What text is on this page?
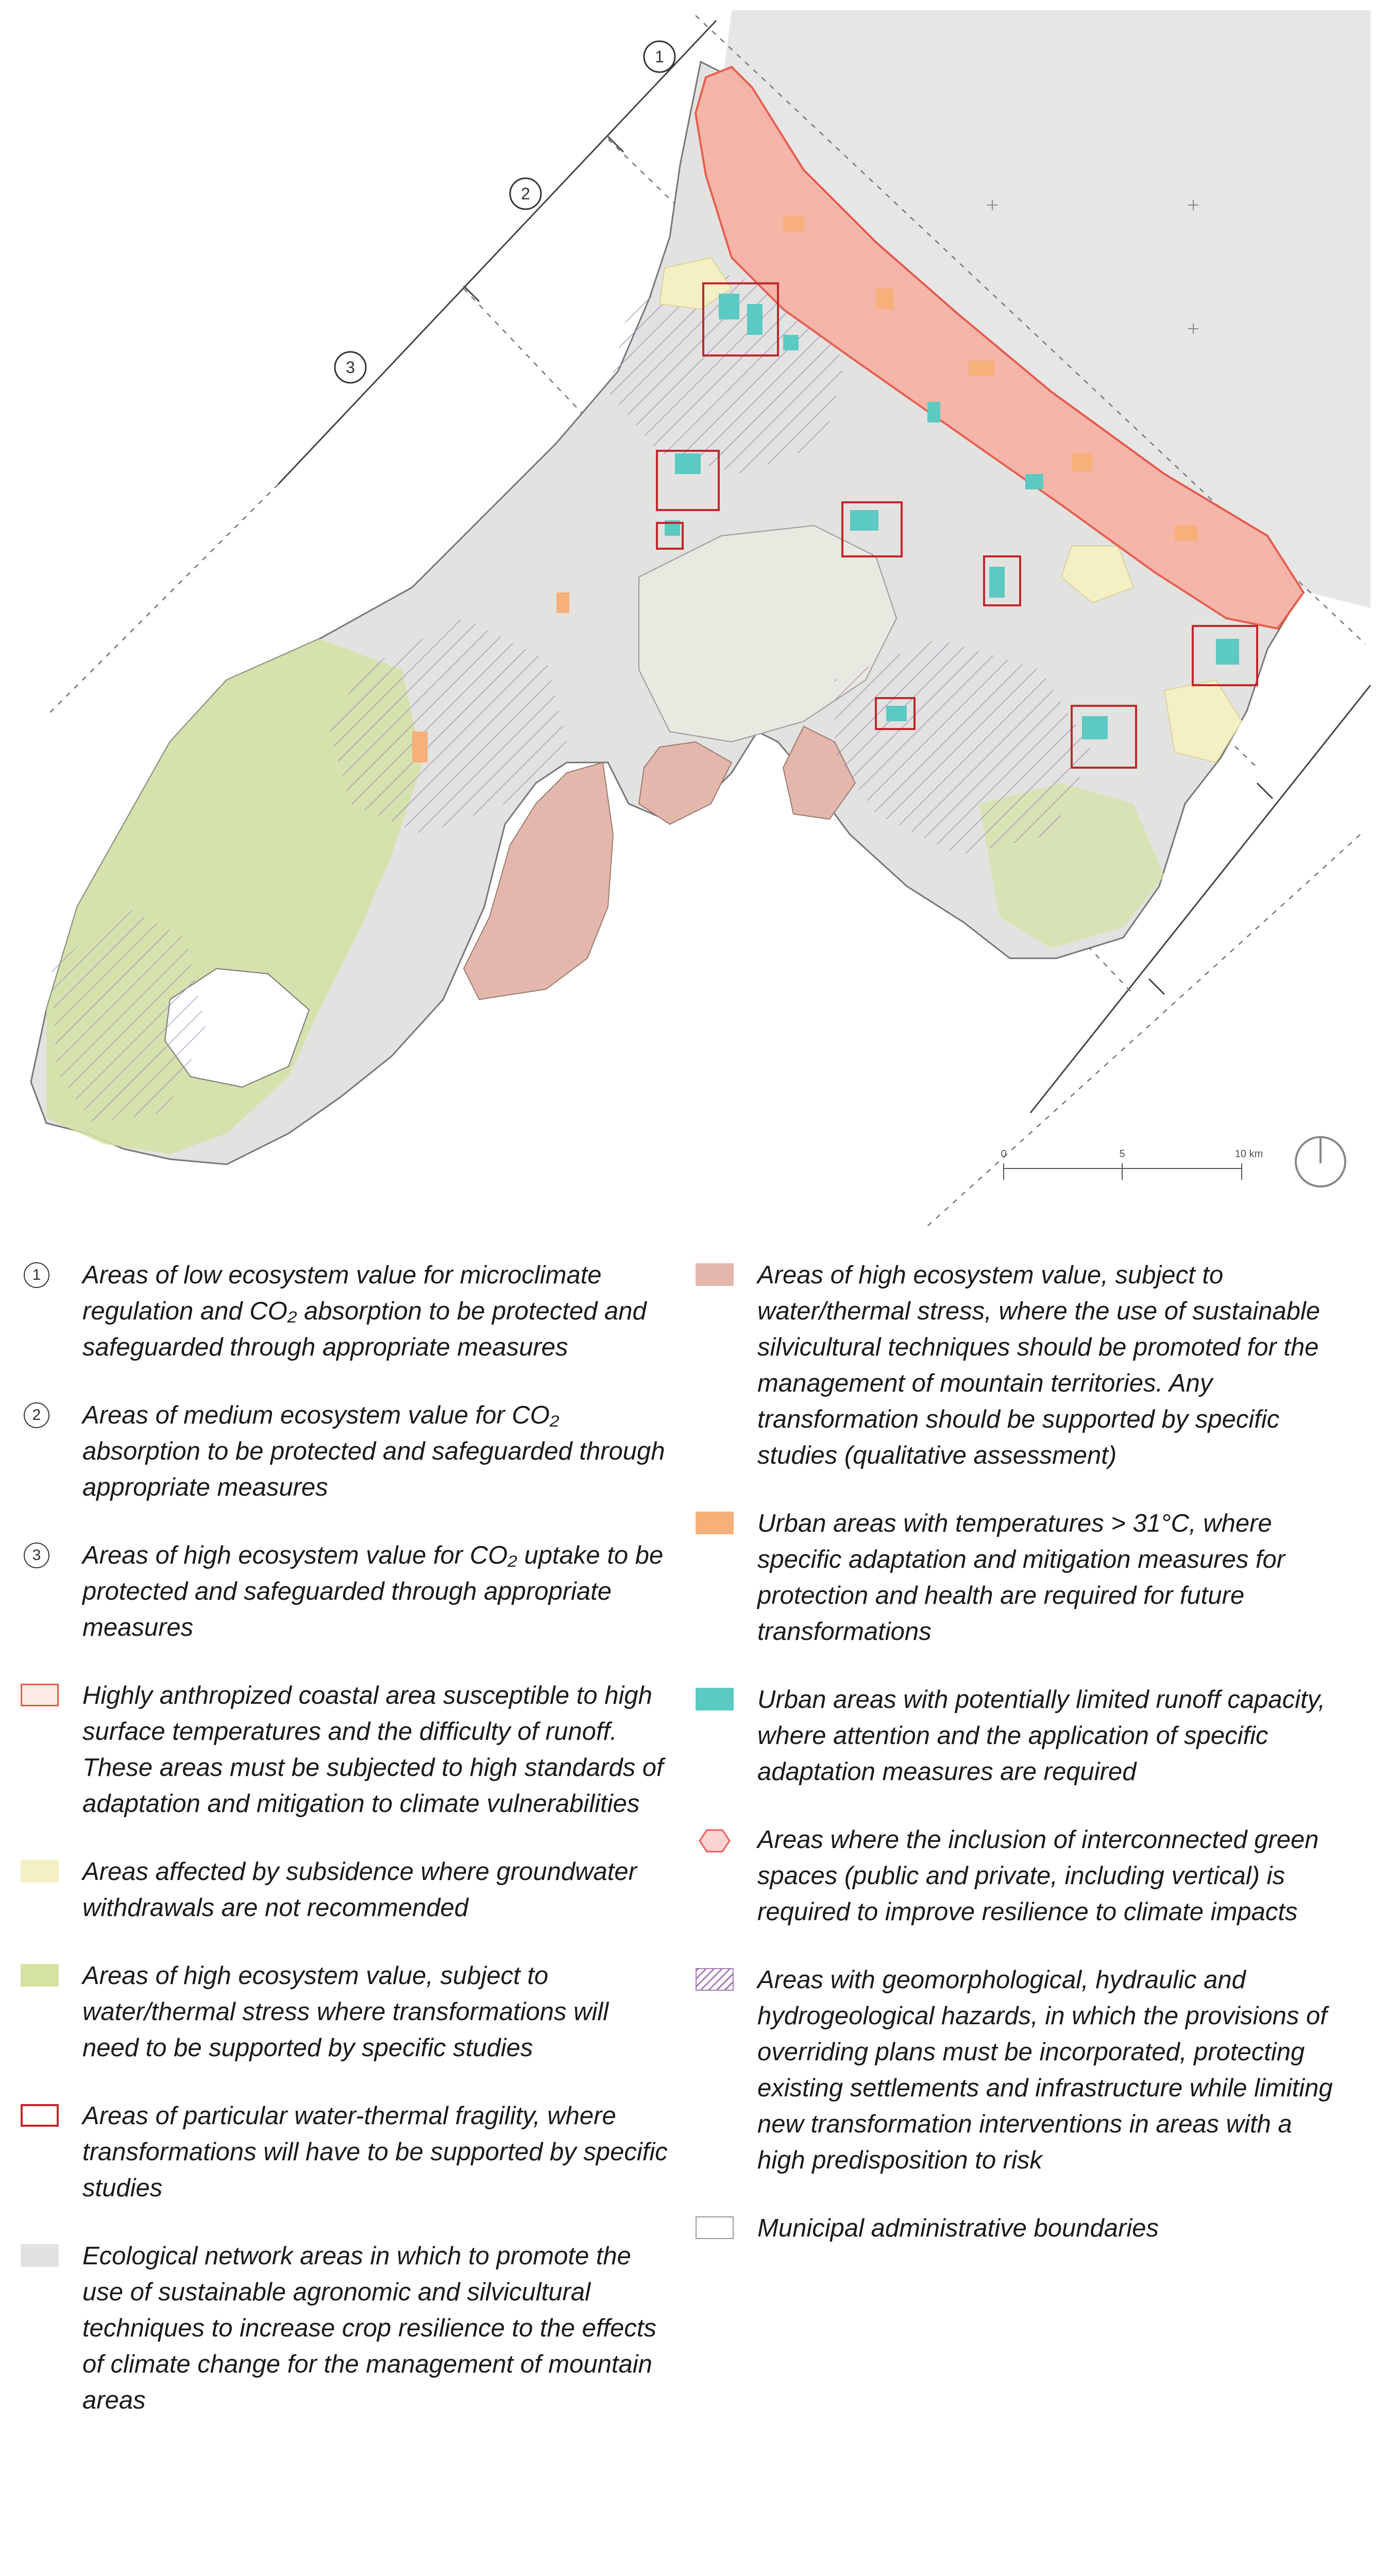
1
2
3
0	5	10 km
1	Areas of low ecosystem value for microclimate regulation and CO₂ absorption to be protected and safeguarded through appropriate measures
2	Areas of medium ecosystem value for CO₂ absorption to be protected and safeguarded through appropriate measures
3	Areas of high ecosystem value for CO₂ uptake to be protected and safeguarded through appropriate measures
Highly anthropized coastal area susceptible to high surface temperatures and the difficulty of runoff. These areas must be subjected to high standards of adaptation and mitigation to climate vulnerabilities
Areas affected by subsidence where groundwater withdrawals are not recommended
Areas of high ecosystem value, subject to water/thermal stress where transformations will need to be supported by specific studies
Areas of particular water-thermal fragility, where transformations will have to be supported by specific studies
Ecological network areas in which to promote the use of sustainable agronomic and silvicultural techniques to increase crop resilience to the effects of climate change for the management of mountain areas
Areas of high ecosystem value, subject to water/thermal stress, where the use of sustainable silvicultural techniques should be promoted for the management of mountain territories. Any transformation should be supported by specific studies (qualitative assessment)
Urban areas with temperatures > 31°C, where specific adaptation and mitigation measures for protection and health are required for future transformations
Urban areas with potentially limited runoff capacity, where attention and the application of specific adaptation measures are required
Areas where the inclusion of interconnected green spaces (public and private, including vertical) is required to improve resilience to climate impacts
Areas with geomorphological, hydraulic and hydrogeological hazards, in which the provisions of overriding plans must be incorporated, protecting existing settlements and infrastructure while limiting new transformation interventions in areas with a high predisposition to risk
Municipal administrative boundaries
